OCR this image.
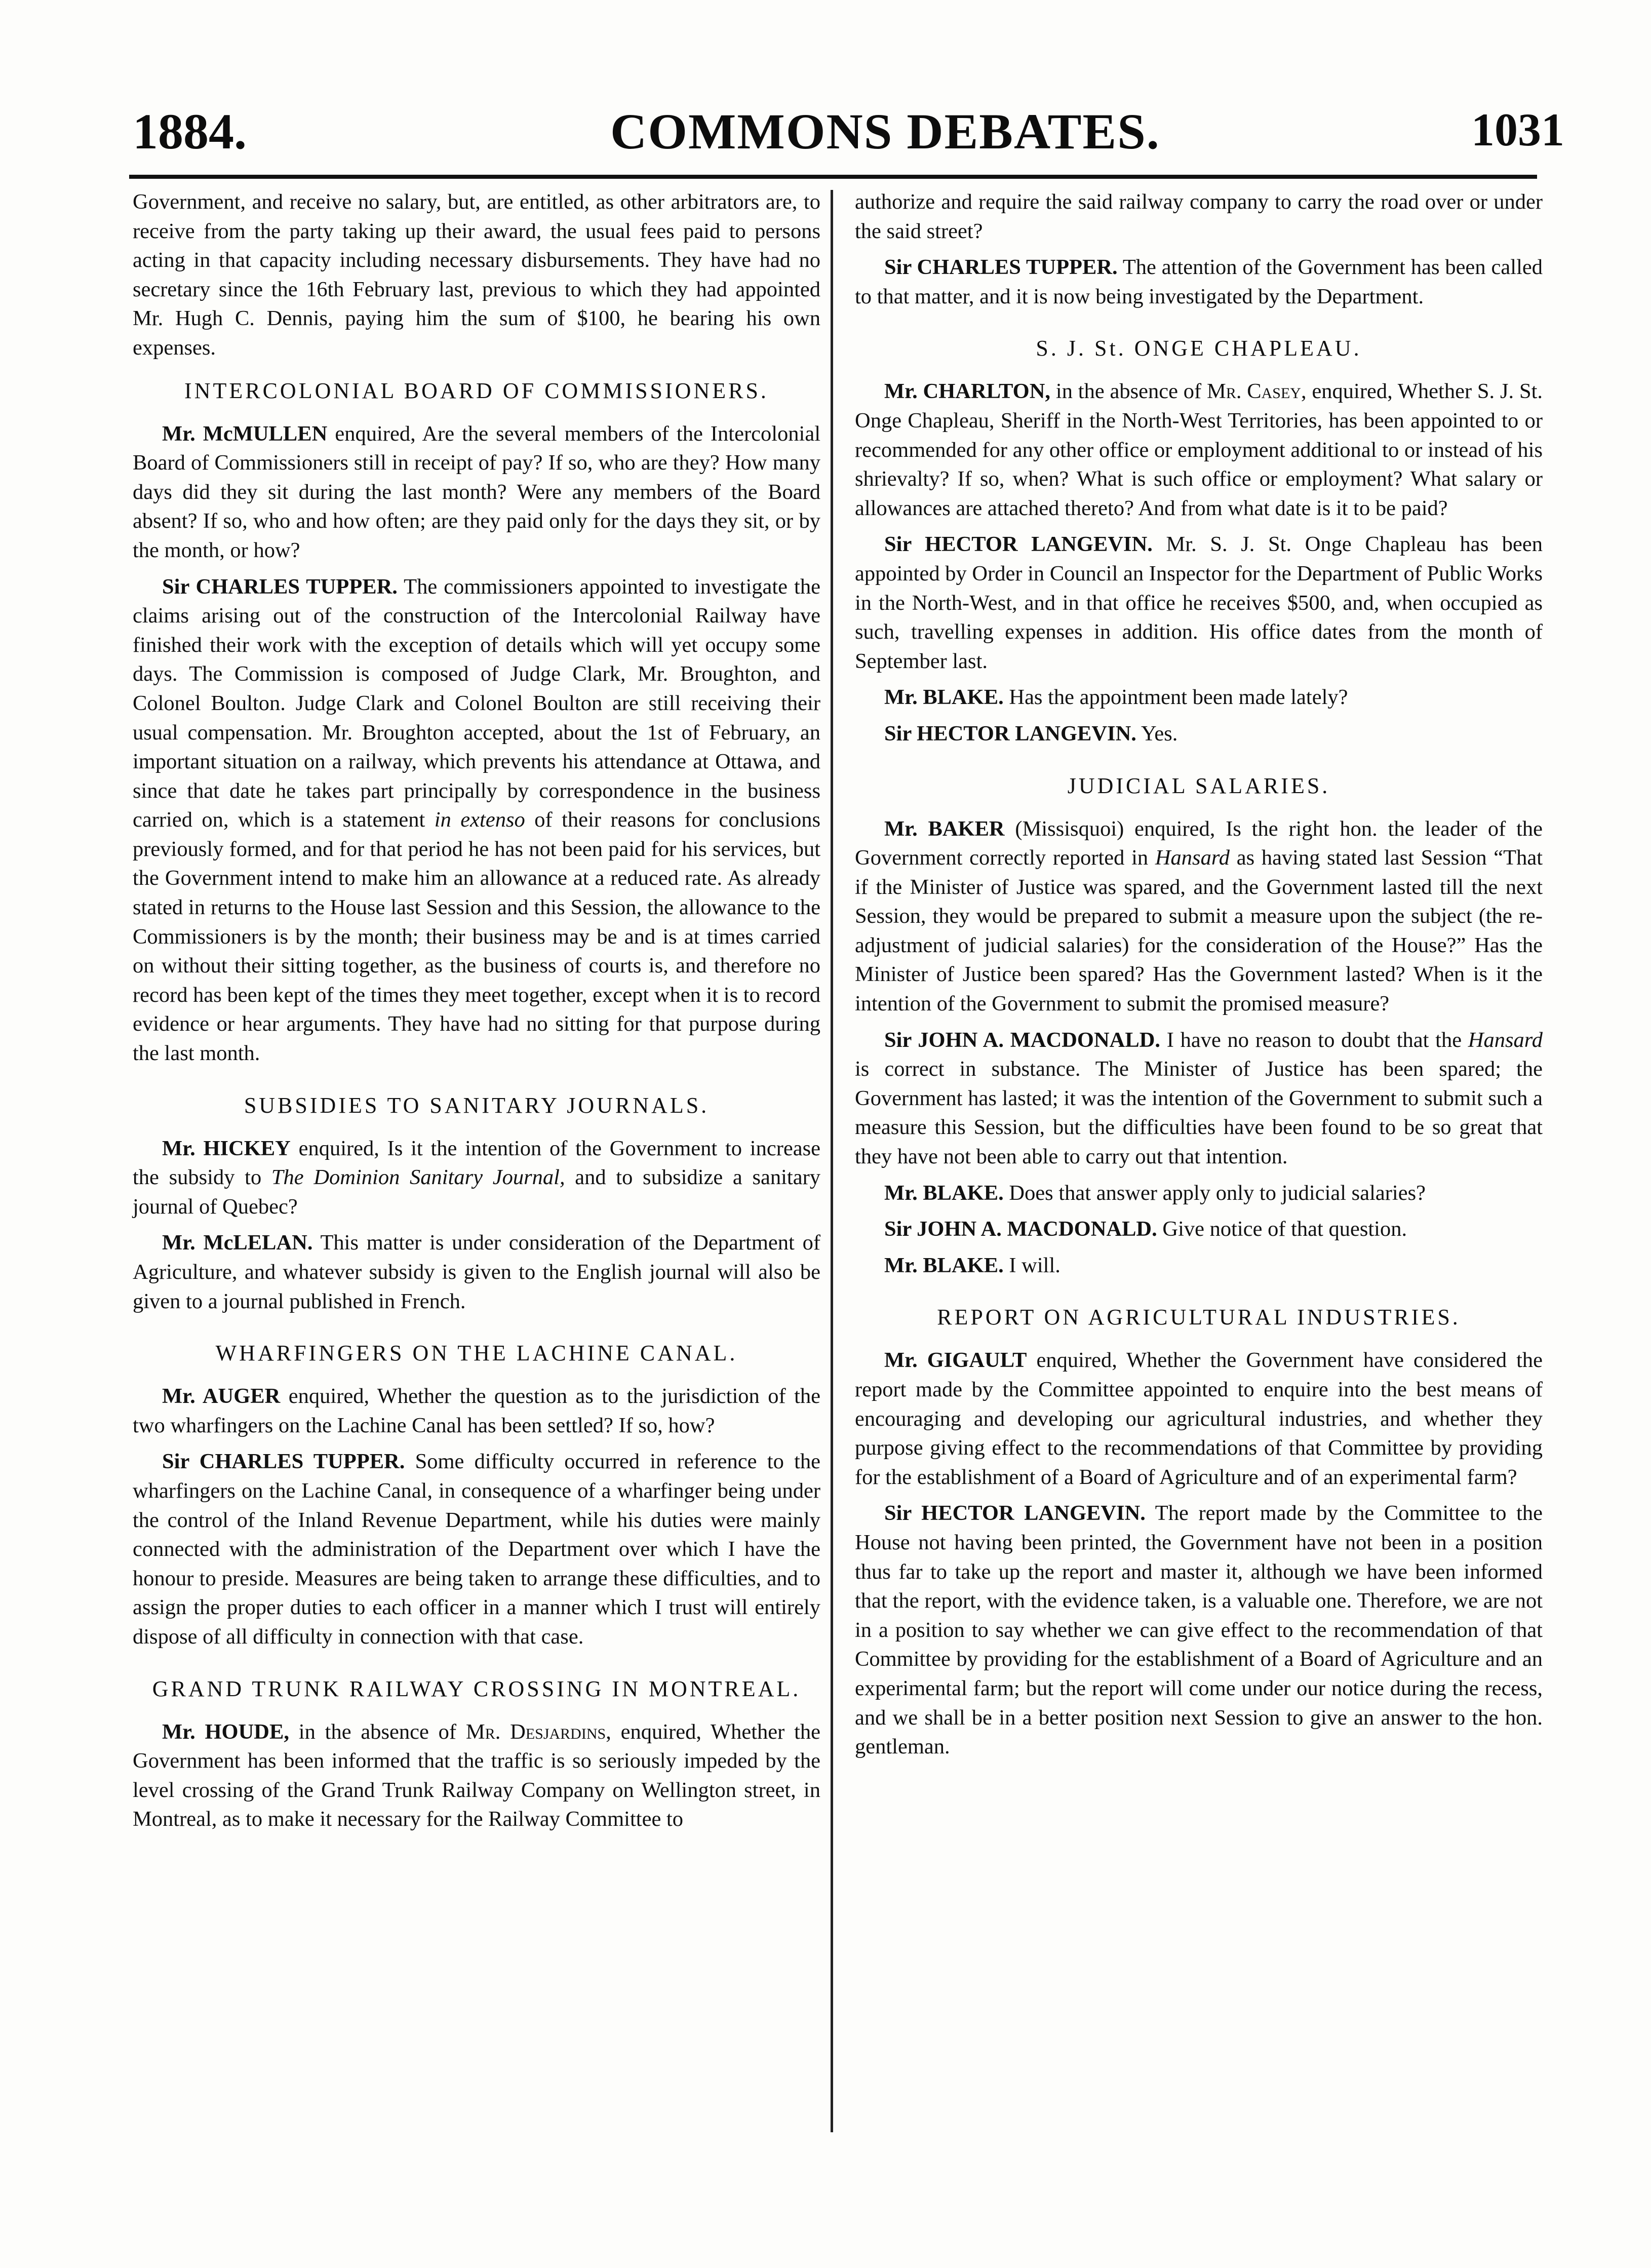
1884.	COMMONS DEBATES.	1031

Government, and receive no salary, but, are entitled, as other arbitrators are, to receive from the party taking up their award, the usual fees paid to persons acting in that capacity including necessary disbursements. They have had no secretary since the 16th February last, previous to which they had appointed Mr. Hugh C. Dennis, paying him the sum of $100, he bearing his own expenses.

INTERCOLONIAL BOARD OF COMMISSIONERS.

Mr. McMULLEN enquired, Are the several members of the Intercolonial Board of Commissioners still in receipt of pay? If so, who are they? How many days did they sit during the last month? Were any members of the Board absent? If so, who and how often; are they paid only for the days they sit, or by the month, or how?

Sir CHARLES TUPPER. The commissioners appointed to investigate the claims arising out of the construction of the Intercolonial Railway have finished their work with the exception of details which will yet occupy some days. The Commission is composed of Judge Clark, Mr. Broughton, and Colonel Boulton. Judge Clark and Colonel Boulton are still receiving their usual compensation. Mr. Broughton accepted, about the 1st of February, an important situation on a railway, which prevents his attendance at Ottawa, and since that date he takes part principally by correspondence in the business carried on, which is a statement in extenso of their reasons for conclusions previously formed, and for that period he has not been paid for his services, but the Government intend to make him an allowance at a reduced rate. As already stated in returns to the House last Session and this Session, the allowance to the Commissioners is by the month; their business may be and is at times carried on without their sitting together, as the business of courts is, and therefore no record has been kept of the times they meet together, except when it is to record evidence or hear arguments. They have had no sitting for that purpose during the last month.

SUBSIDIES TO SANITARY JOURNALS.

Mr. HICKEY enquired, Is it the intention of the Government to increase the subsidy to The Dominion Sanitary Journal, and to subsidize a sanitary journal of Quebec?

Mr. McLELAN. This matter is under consideration of the Department of Agriculture, and whatever subsidy is given to the English journal will also be given to a journal published in French.

WHARFINGERS ON THE LACHINE CANAL.

Mr. AUGER enquired, Whether the question as to the jurisdiction of the two wharfingers on the Lachine Canal has been settled? If so, how?

Sir CHARLES TUPPER. Some difficulty occurred in reference to the wharfingers on the Lachine Canal, in consequence of a wharfinger being under the control of the Inland Revenue Department, while his duties were mainly connected with the administration of the Department over which I have the honour to preside. Measures are being taken to arrange these difficulties, and to assign the proper duties to each officer in a manner which I trust will entirely dispose of all difficulty in connection with that case.

GRAND TRUNK RAILWAY CROSSING IN MONTREAL.

Mr. HOUDE, in the absence of Mr. Desjardins, enquired, Whether the Government has been informed that the traffic is so seriously impeded by the level crossing of the Grand Trunk Railway Company on Wellington street, in Montreal, as to make it necessary for the Railway Committee to

authorize and require the said railway company to carry the road over or under the said street?

Sir CHARLES TUPPER. The attention of the Government has been called to that matter, and it is now being investigated by the Department.

S. J. St. ONGE CHAPLEAU.

Mr. CHARLTON, in the absence of Mr. Casey, enquired, Whether S. J. St. Onge Chapleau, Sheriff in the North-West Territories, has been appointed to or recommended for any other office or employment additional to or instead of his shrievalty? If so, when? What is such office or employment? What salary or allowances are attached thereto? And from what date is it to be paid?

Sir HECTOR LANGEVIN. Mr. S. J. St. Onge Chapleau has been appointed by Order in Council an Inspector for the Department of Public Works in the North-West, and in that office he receives $500, and, when occupied as such, travelling expenses in addition. His office dates from the month of September last.

Mr. BLAKE. Has the appointment been made lately?

Sir HECTOR LANGEVIN. Yes.

JUDICIAL SALARIES.

Mr. BAKER (Missisquoi) enquired, Is the right hon. the leader of the Government correctly reported in Hansard as having stated last Session “That if the Minister of Justice was spared, and the Government lasted till the next Session, they would be prepared to submit a measure upon the subject (the re-adjustment of judicial salaries) for the consideration of the House?” Has the Minister of Justice been spared? Has the Government lasted? When is it the intention of the Government to submit the promised measure?

Sir JOHN A. MACDONALD. I have no reason to doubt that the Hansard is correct in substance. The Minister of Justice has been spared; the Government has lasted; it was the intention of the Government to submit such a measure this Session, but the difficulties have been found to be so great that they have not been able to carry out that intention.

Mr. BLAKE. Does that answer apply only to judicial salaries?

Sir JOHN A. MACDONALD. Give notice of that question.

Mr. BLAKE. I will.

REPORT ON AGRICULTURAL INDUSTRIES.

Mr. GIGAULT enquired, Whether the Government have considered the report made by the Committee appointed to enquire into the best means of encouraging and developing our agricultural industries, and whether they purpose giving effect to the recommendations of that Committee by providing for the establishment of a Board of Agriculture and of an experimental farm?

Sir HECTOR LANGEVIN. The report made by the Committee to the House not having been printed, the Government have not been in a position thus far to take up the report and master it, although we have been informed that the report, with the evidence taken, is a valuable one. Therefore, we are not in a position to say whether we can give effect to the recommendation of that Committee by providing for the establishment of a Board of Agriculture and an experimental farm; but the report will come under our notice during the recess, and we shall be in a better position next Session to give an answer to the hon. gentleman.
